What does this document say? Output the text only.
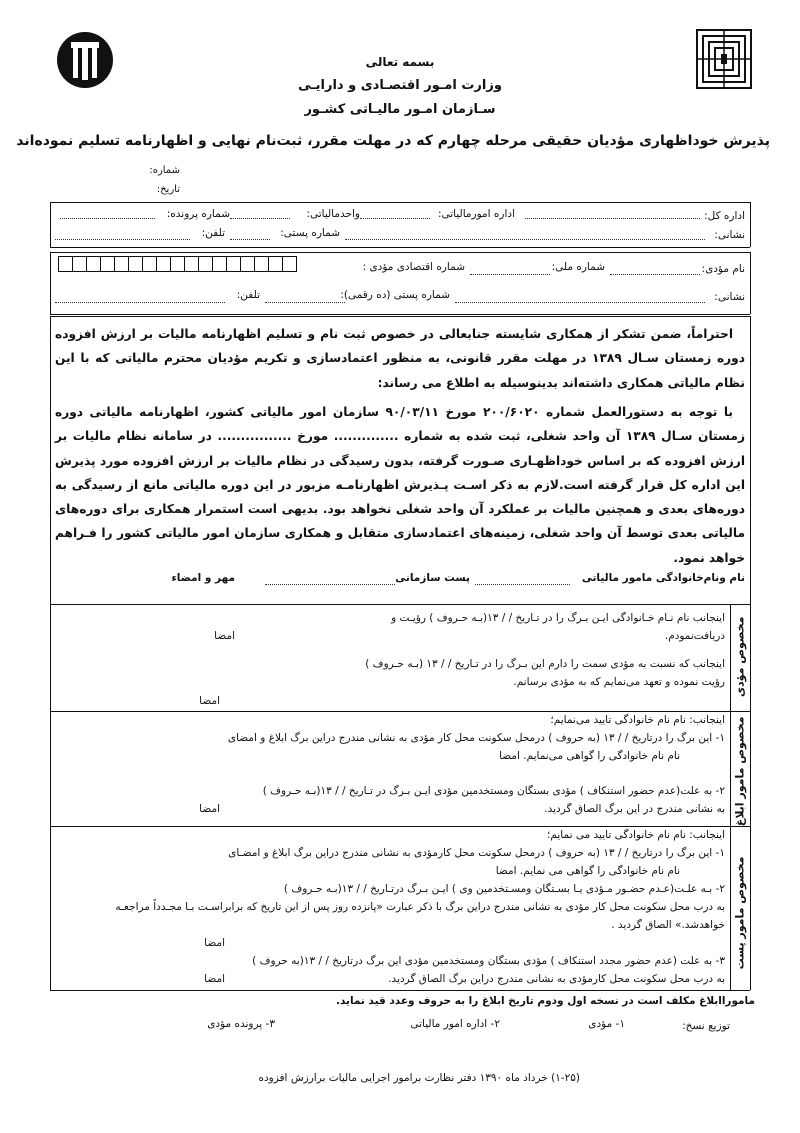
بسمه تعالی
وزارت امـور اقتصـادی و دارایـی
سـازمان امـور مالیـاتی کشـور
پذیرش خوداظهاری مؤدیان حقیقی مرحله چهارم که در مهلت مقرر، ثبت‌نام نهایی و اظهارنامه تسلیم نموده‌اند
شماره:
تاریخ:
اداره کل:
اداره امورمالیاتی:
واحدمالیاتی:
شماره پرونده:
نشانی:
شماره پستی:
تلفن:
نام مؤدی:
شماره ملی:
شماره اقتصادی مؤدی :
نشانی:
شماره پستی (ده رقمی):
تلفن:
احتراماً، ضمن تشکر از همکاری شایسته جنابعالی در خصوص ثبت نام و تسلیم اظهارنامه مالیات بر ارزش افزوده دوره زمستان سـال ۱۳۸۹ در مهلت مقرر قانونی، به منظور اعتمادسازی و تکریم مؤدیان محترم مالیاتی که با این نظام مالیاتی همکاری داشته‌اند بدینوسیله به اطلاع می رساند:
با توجه به دستورالعمل شماره ۲۰۰/۶۰۲۰ مورخ ۹۰/۰۳/۱۱ سازمان امور مالیاتی کشور، اظهارنامه مالیاتی دوره زمستان سـال ۱۳۸۹ آن واحد شغلی، ثبت شده به شماره .............. مورخ ................ در سامانه نظام مالیات بر ارزش افزوده که بر اساس خوداظهـاری صـورت گرفته، بدون رسیدگی در نظام مالیات بر ارزش افزوده مورد پذیرش این اداره کل قرار گرفته است.لازم به ذکر اسـت پـذیرش اظهارنامـه مزبور در این دوره مالیاتی مانع از رسیدگی به دوره‌های بعدی و همچنین مالیات بر عملکرد آن واحد شغلی نخواهد بود. بدیهی است استمرار همکاری برای دوره‌های مالیاتی بعدی توسط آن واحد شغلی، زمینه‌های اعتمادسازی متقابل و همکاری سازمان امور مالیاتی کشور را فـراهم خواهد نمود.
نام ونام‌خانوادگی مامور مالیاتی
پست سازمانی
مهر و امضاء
مخصوص مؤدی
مخصوص مامور ابلاغ
مخصوص مامور پست
اینجانب نام نـام خـانوادگی ایـن بـرگ را در تـاریخ / / ۱۳(بـه حـروف ) رؤیـت و
دریافت‌نمودم.
امضا
اینجانب که نسبت به مؤدی سمت را دارم این بـرگ را در تـاریخ / / ۱۳ (بـه حـروف )
رؤیت نموده و تعهد می‌نمایم که به مؤدی برسانم.
امضا
اینجانب: نام نام خانوادگی تایید می‌نمایم؛
۱- این برگ را درتاریخ / / ۱۳ (به حروف ) درمحل سکونت محل کار مؤدی به نشانی مندرج دراین برگ ابلاغ و امضای
نام نام خانوادگی را گواهی می‌نمایم. امضا
۲- به علت(عدم حضور استنکاف ) مؤدی بستگان ومستخدمین مؤدی ایـن بـرگ در تـاریخ / / ۱۳(بـه حـروف )
به نشانی مندرج در این برگ الصاق گردید.
امضا
اینجانب: نام نام خانوادگی تایید می نمایم؛
۱- این برگ را درتاریخ / / ۱۳ (به حروف ) درمحل سکونت محل کارمؤدی به نشانی مندرج دراین برگ ابلاغ و امضـای
نام نام خانوادگی را گواهی می نمایم. امضا
۲- بـه علـت(عـدم حضـور مـؤدی یـا بسـتگان ومسـتخدمین وی ) ایـن بـرگ درتـاریخ / / ۱۳(بـه حـروف )
به درب محل سکونت محل کار مؤدی به نشانی مندرج دراین برگ با ذکر عبارت «پانزده روز پس از این تاریخ که برابراسـت بـا مجـدداً مراجعـه
خواهدشد.» الصاق گردید .
امضا
۳- به علت (عدم حضور مجدد استنکاف ) مؤدی بستگان ومستخدمین مؤدی این برگ درتاریخ / / ۱۳(به حروف )
به درب محل سکونت محل کارمؤدی به نشانی مندرج دراین برگ الصاق گردید.
امضا
ماموراابلاغ مکلف است در نسخه اول ودوم تاریخ ابلاغ را به حروف وعدد قید نماید.
توزیع نسخ:
۱- مؤدی
۲- اداره امور مالیاتی
۳- پرونده مؤدی
(۱-۲۵) خرداد ماه ۱۳۹۰ دفتر نظارت برامور اجرایی مالیات برارزش افزوده
